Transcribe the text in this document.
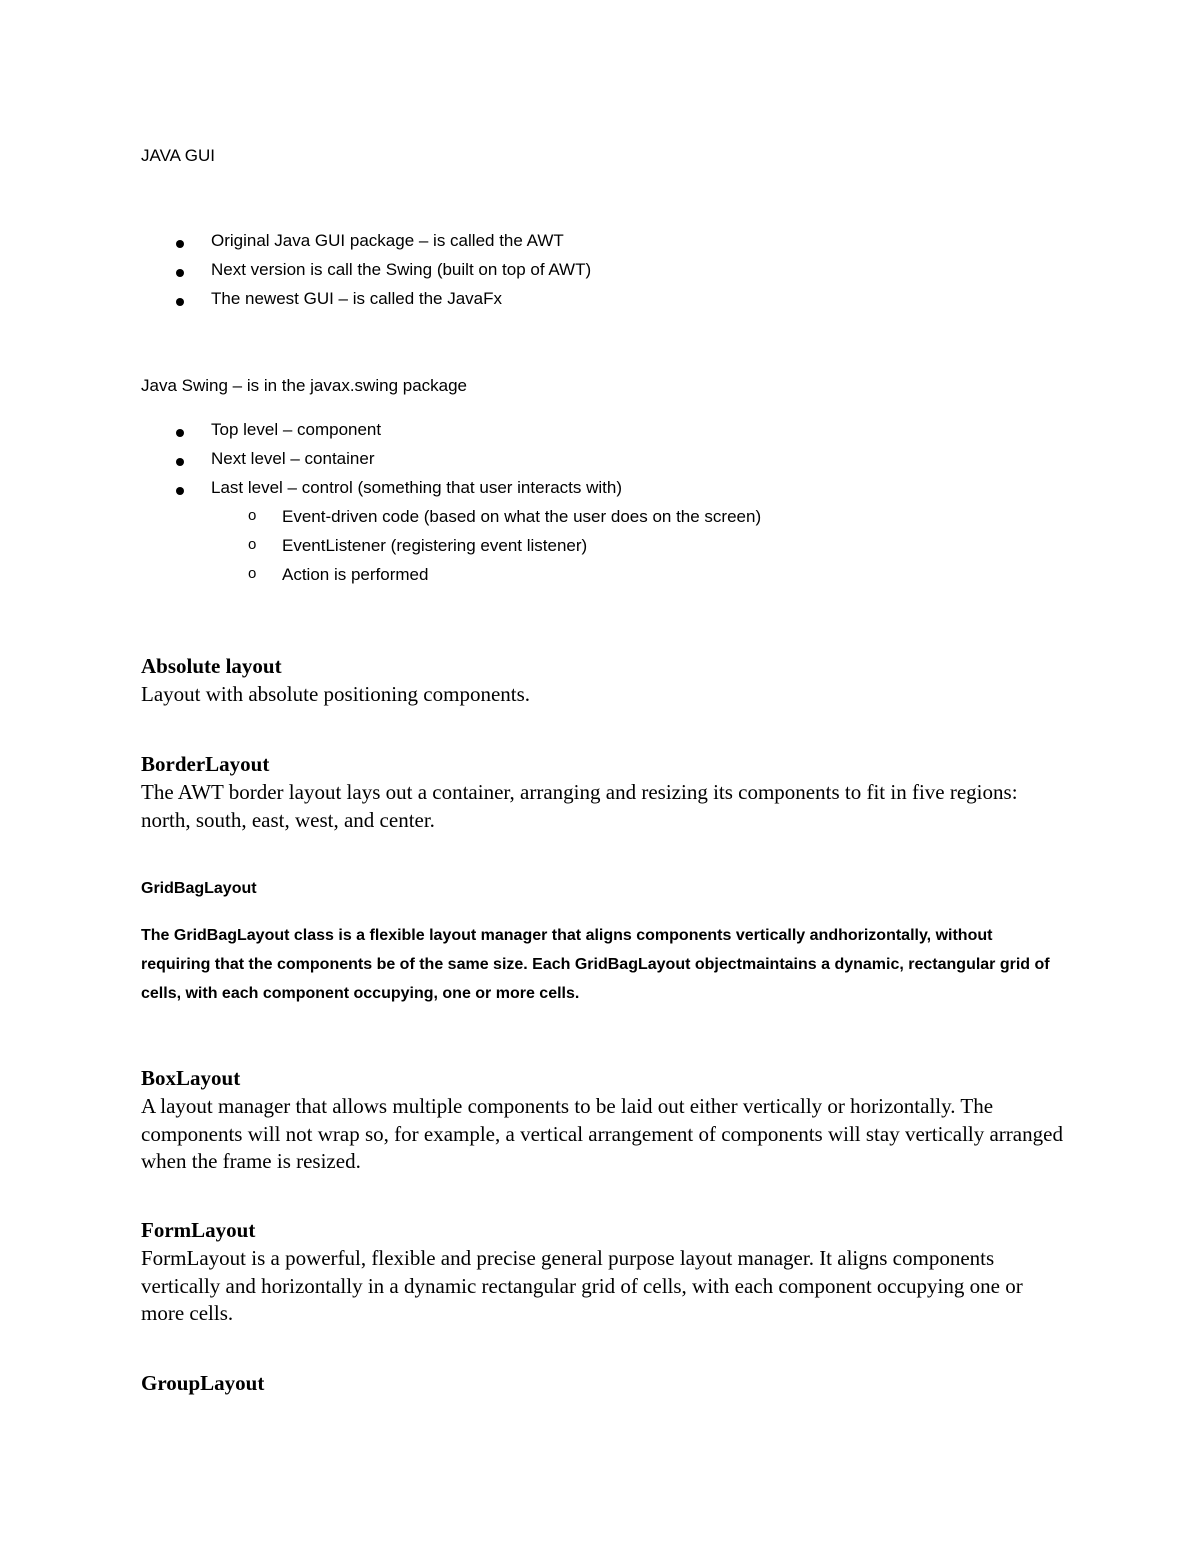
JAVA GUI
Original Java GUI package – is called the AWT
Next version is call the Swing (built on top of AWT)
The newest GUI – is called the JavaFx
Java Swing – is in the javax.swing package
Top level – component
Next level – container
Last level – control (something that user interacts with)
o Event-driven code (based on what the user does on the screen)
o EventListener (registering event listener)
o Action is performed
Absolute layout
Layout with absolute positioning components.
BorderLayout
The AWT border layout lays out a container, arranging and resizing its components to fit in five regions: north, south, east, west, and center.
GridBagLayout
The GridBagLayout class is a flexible layout manager that aligns components vertically andhorizontally, without requiring that the components be of the same size. Each GridBagLayout objectmaintains a dynamic, rectangular grid of cells, with each component occupying, one or more cells.
BoxLayout
A layout manager that allows multiple components to be laid out either vertically or horizontally. The components will not wrap so, for example, a vertical arrangement of components will stay vertically arranged when the frame is resized.
FormLayout
FormLayout is a powerful, flexible and precise general purpose layout manager. It aligns components vertically and horizontally in a dynamic rectangular grid of cells, with each component occupying one or more cells.
GroupLayout
